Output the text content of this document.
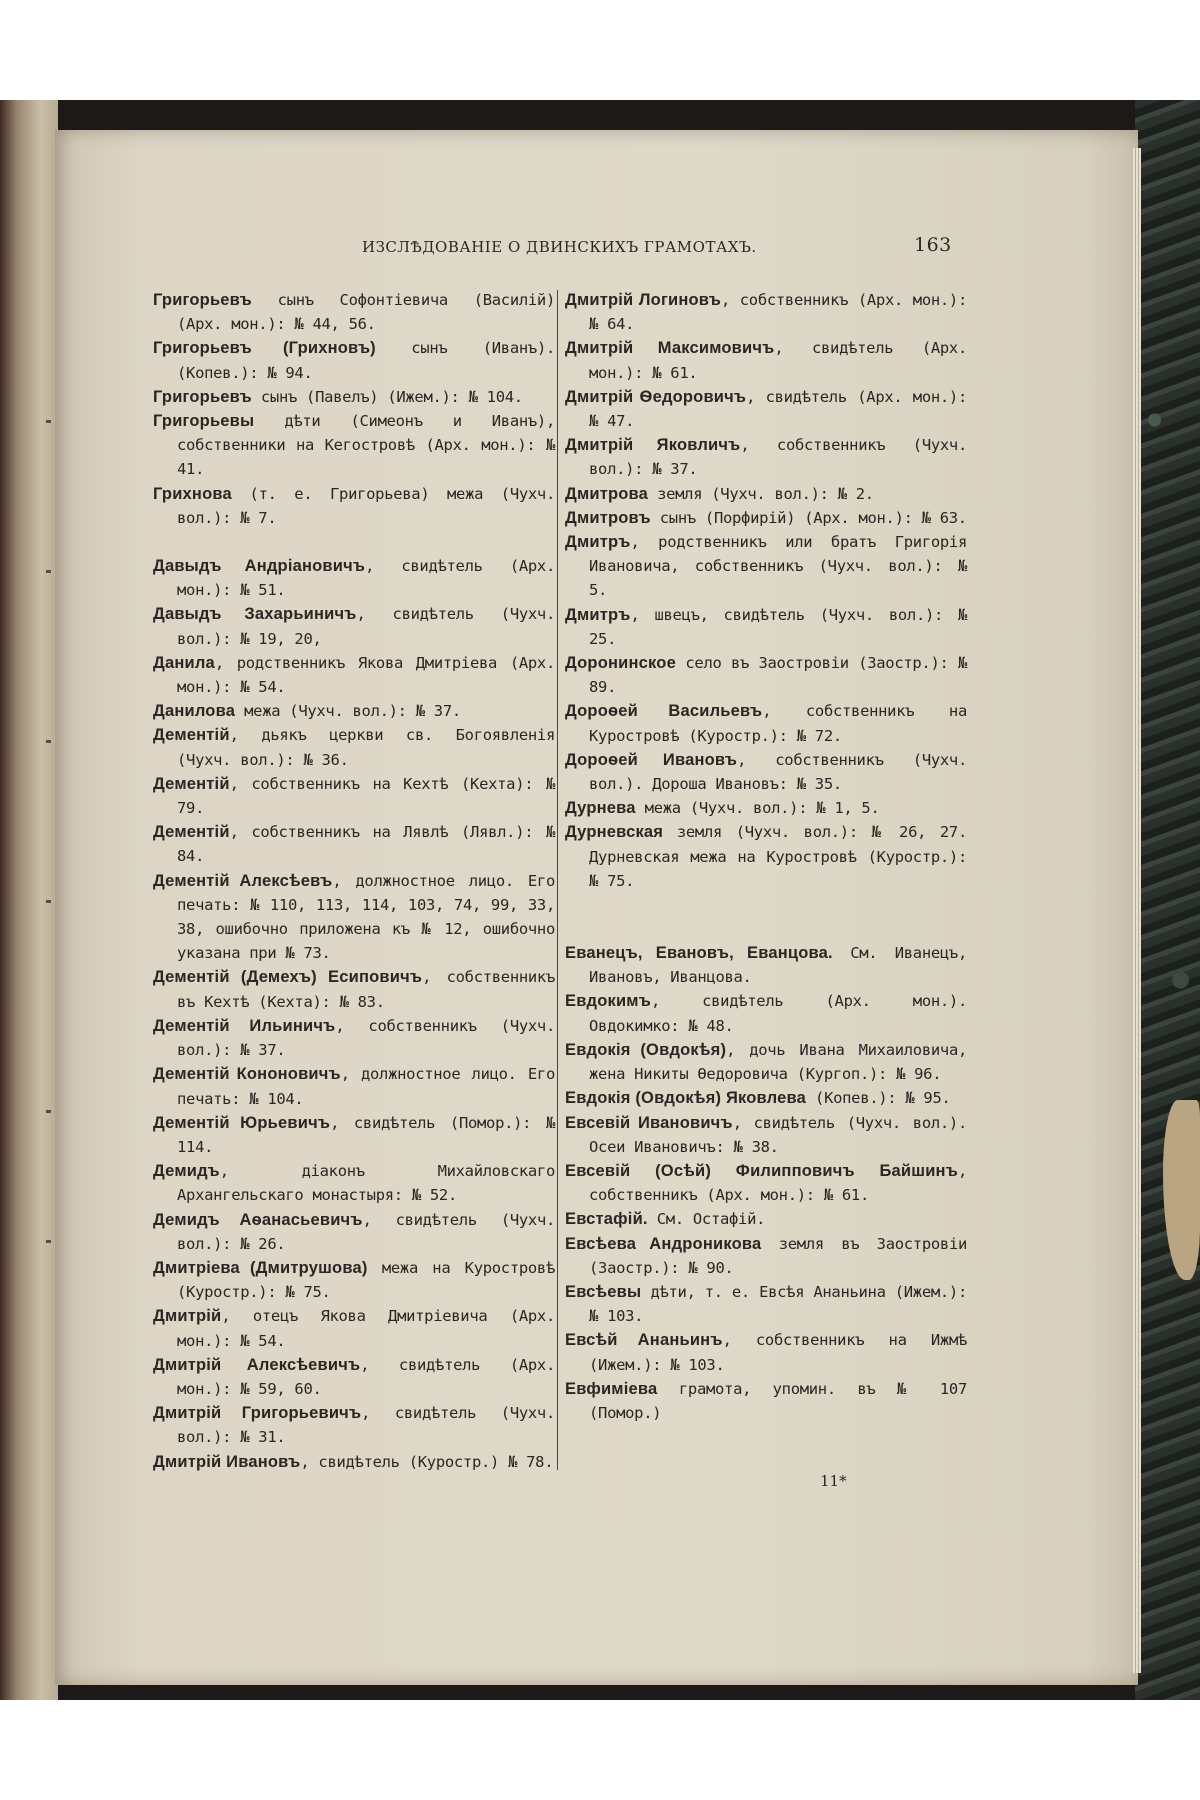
ИЗСЛѢДОВАНІЕ О ДВИНСКИХЪ ГРАМОТАХЪ.	163

Григорьевъ сынъ Софонтіевича (Василій) (Арх. мон.): № 44, 56.

Григорьевъ (Грихновъ) сынъ (Иванъ). (Копев.): № 94.

Григорьевъ сынъ (Павелъ) (Ижем.): № 104.

Григорьевы дѣти (Симеонъ и Иванъ), собственники на Кегостровѣ (Арх. мон.): № 41.

Грихнова (т. е. Григорьева) межа (Чухч. вол.): № 7.

Давыдъ Андріановичъ, свидѣтель (Арх. мон.): № 51.

Давыдъ Захарьиничъ, свидѣтель (Чухч. вол.): № 19, 20,

Данила, родственникъ Якова Дмитріева (Арх. мон.): № 54.

Данилова межа (Чухч. вол.): № 37.

Дементій, дьякъ церкви св. Богоявленія (Чухч. вол.): № 36.

Дементій, собственникъ на Кехтѣ (Кехта): № 79.

Дементій, собственникъ на Лявлѣ (Лявл.): № 84.

Дементій Алексѣевъ, должностное лицо. Его печать: № 110, 113, 114, 103, 74, 99, 33, 38, ошибочно приложена къ № 12, ошибочно указана при № 73.

Дементій (Демехъ) Есиповичъ, собственникъ въ Кехтѣ (Кехта): № 83.

Дементій Ильиничъ, собственникъ (Чухч. вол.): № 37.

Дементій Кононовичъ, должностное лицо. Его печать: № 104.

Дементій Юрьевичъ, свидѣтель (Помор.): № 114.

Демидъ, діаконъ Михайловскаго Архангельскаго монастыря: № 52.

Демидъ Аѳанасьевичъ, свидѣтель (Чухч. вол.): № 26.

Дмитріева (Дмитрушова) межа на Куростровѣ (Куростр.): № 75.

Дмитрій, отецъ Якова Дмитріевича (Арх. мон.): № 54.

Дмитрій Алексѣевичъ, свидѣтель (Арх. мон.): № 59, 60.

Дмитрій Григорьевичъ, свидѣтель (Чухч. вол.): № 31.

Дмитрій Ивановъ, свидѣтель (Куростр.) № 78.

Дмитрій Логиновъ, собственникъ (Арх. мон.): № 64.

Дмитрій Максимовичъ, свидѣтель (Арх. мон.): № 61.

Дмитрій Ѳедоровичъ, свидѣтель (Арх. мон.): № 47.

Дмитрій Яковличъ, собственникъ (Чухч. вол.): № 37.

Дмитрова земля (Чухч. вол.): № 2.

Дмитровъ сынъ (Порфирій) (Арх. мон.): № 63.

Дмитръ, родственникъ или братъ Григорія Ивановича, собственникъ (Чухч. вол.): № 5.

Дмитръ, швецъ, свидѣтель (Чухч. вол.): № 25.

Доронинское село въ Заостровіи (Заостр.): № 89.

Дороѳей Васильевъ, собственникъ на Куростровѣ (Куростр.): № 72.

Дороѳей Ивановъ, собственникъ (Чухч. вол.). Дороша Ивановъ: № 35.

Дурнева межа (Чухч. вол.): № 1, 5.

Дурневская земля (Чухч. вол.): № 26, 27. Дурневская межа на Куростровѣ (Куростр.): № 75.

Еванецъ, Евановъ, Еванцова. См. Иванецъ, Ивановъ, Иванцова.

Евдокимъ, свидѣтель (Арх. мон.). Овдокимко: № 48.

Евдокія (Овдокѣя), дочь Ивана Михаиловича, жена Никиты Ѳедоровича (Кургоп.): № 96.

Евдокія (Овдокѣя) Яковлева (Копев.): № 95.

Евсевій Ивановичъ, свидѣтель (Чухч. вол.). Осеи Ивановичъ: № 38.

Евсевій (Осѣй) Филипповичъ Байшинъ, собственникъ (Арх. мон.): № 61.

Евстафій. См. Остафій.

Евсѣева Андроникова земля въ Заостровіи (Заостр.): № 90.

Евсѣевы дѣти, т. е. Евсѣя Ананьина (Ижем.): № 103.

Евсѣй Ананьинъ, собственникъ на Ижмѣ (Ижем.): № 103.

Евфиміева грамота, упомин. въ № 107 (Помор.)

11*
